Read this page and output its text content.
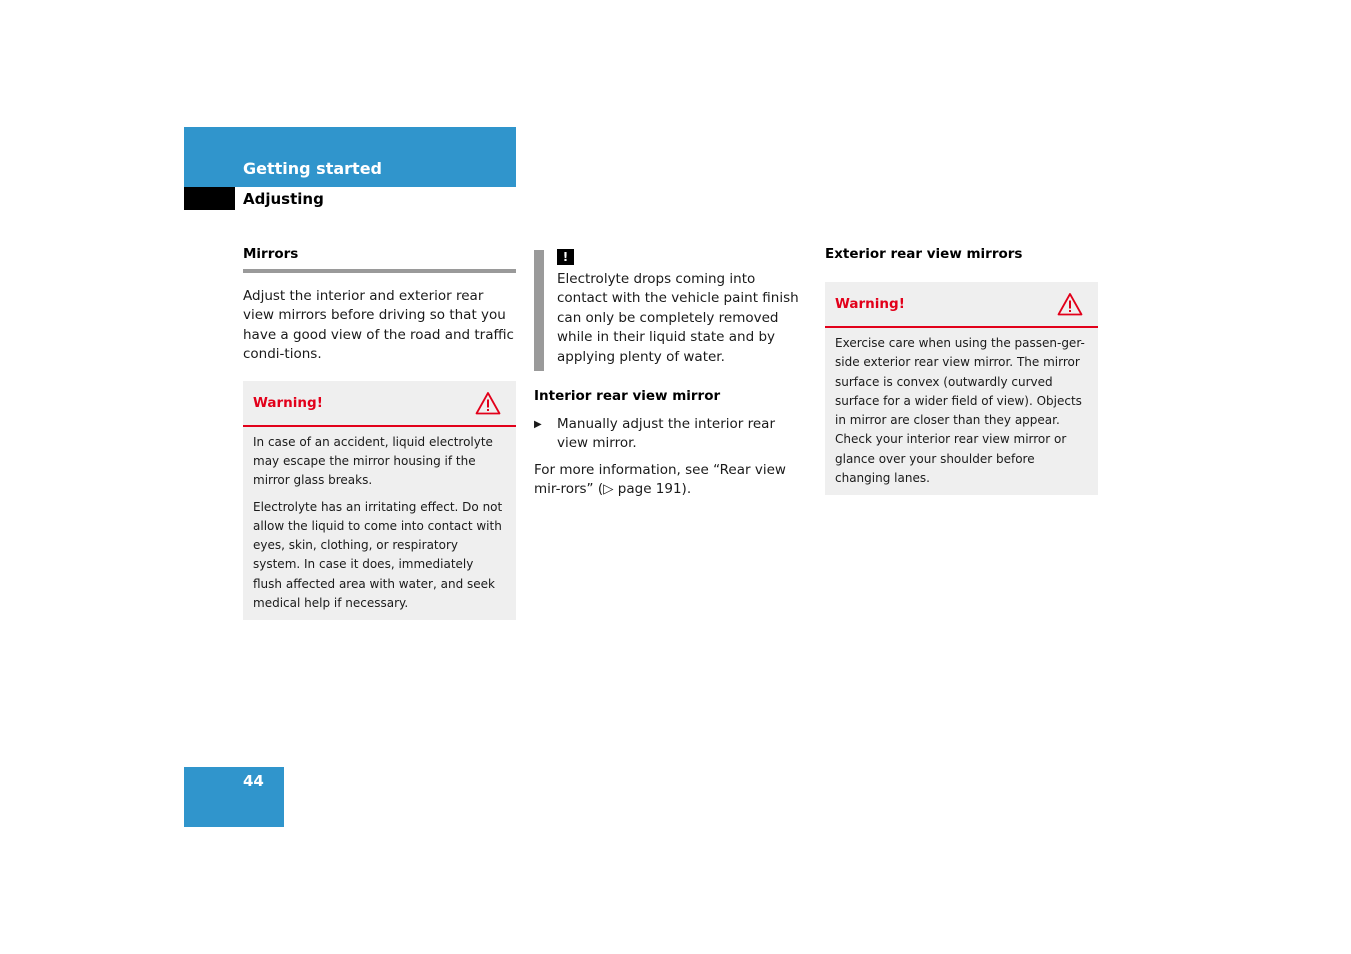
Getting started
Adjusting
Mirrors

Adjust the interior and exterior rear view mirrors before driving so that you have a good view of the road and traffic condi-tions.

Warning!

In case of an accident, liquid electrolyte may escape the mirror housing if the mirror glass breaks.

Electrolyte has an irritating effect. Do not allow the liquid to come into contact with eyes, skin, clothing, or respiratory system. In case it does, immediately flush affected area with water, and seek medical help if necessary.

!
Electrolyte drops coming into contact with the vehicle paint finish can only be completely removed while in their liquid state and by applying plenty of water.
Interior rear view mirror
▶ Manually adjust the interior rear view mirror.
For more information, see “Rear view mir-rors” (▷ page 191).
Exterior rear view mirrors
Warning!

Exercise care when using the passen-ger-side exterior rear view mirror. The mirror surface is convex (outwardly curved surface for a wider field of view). Objects in mirror are closer than they appear. Check your interior rear view mirror or glance over your shoulder before changing lanes.

44
